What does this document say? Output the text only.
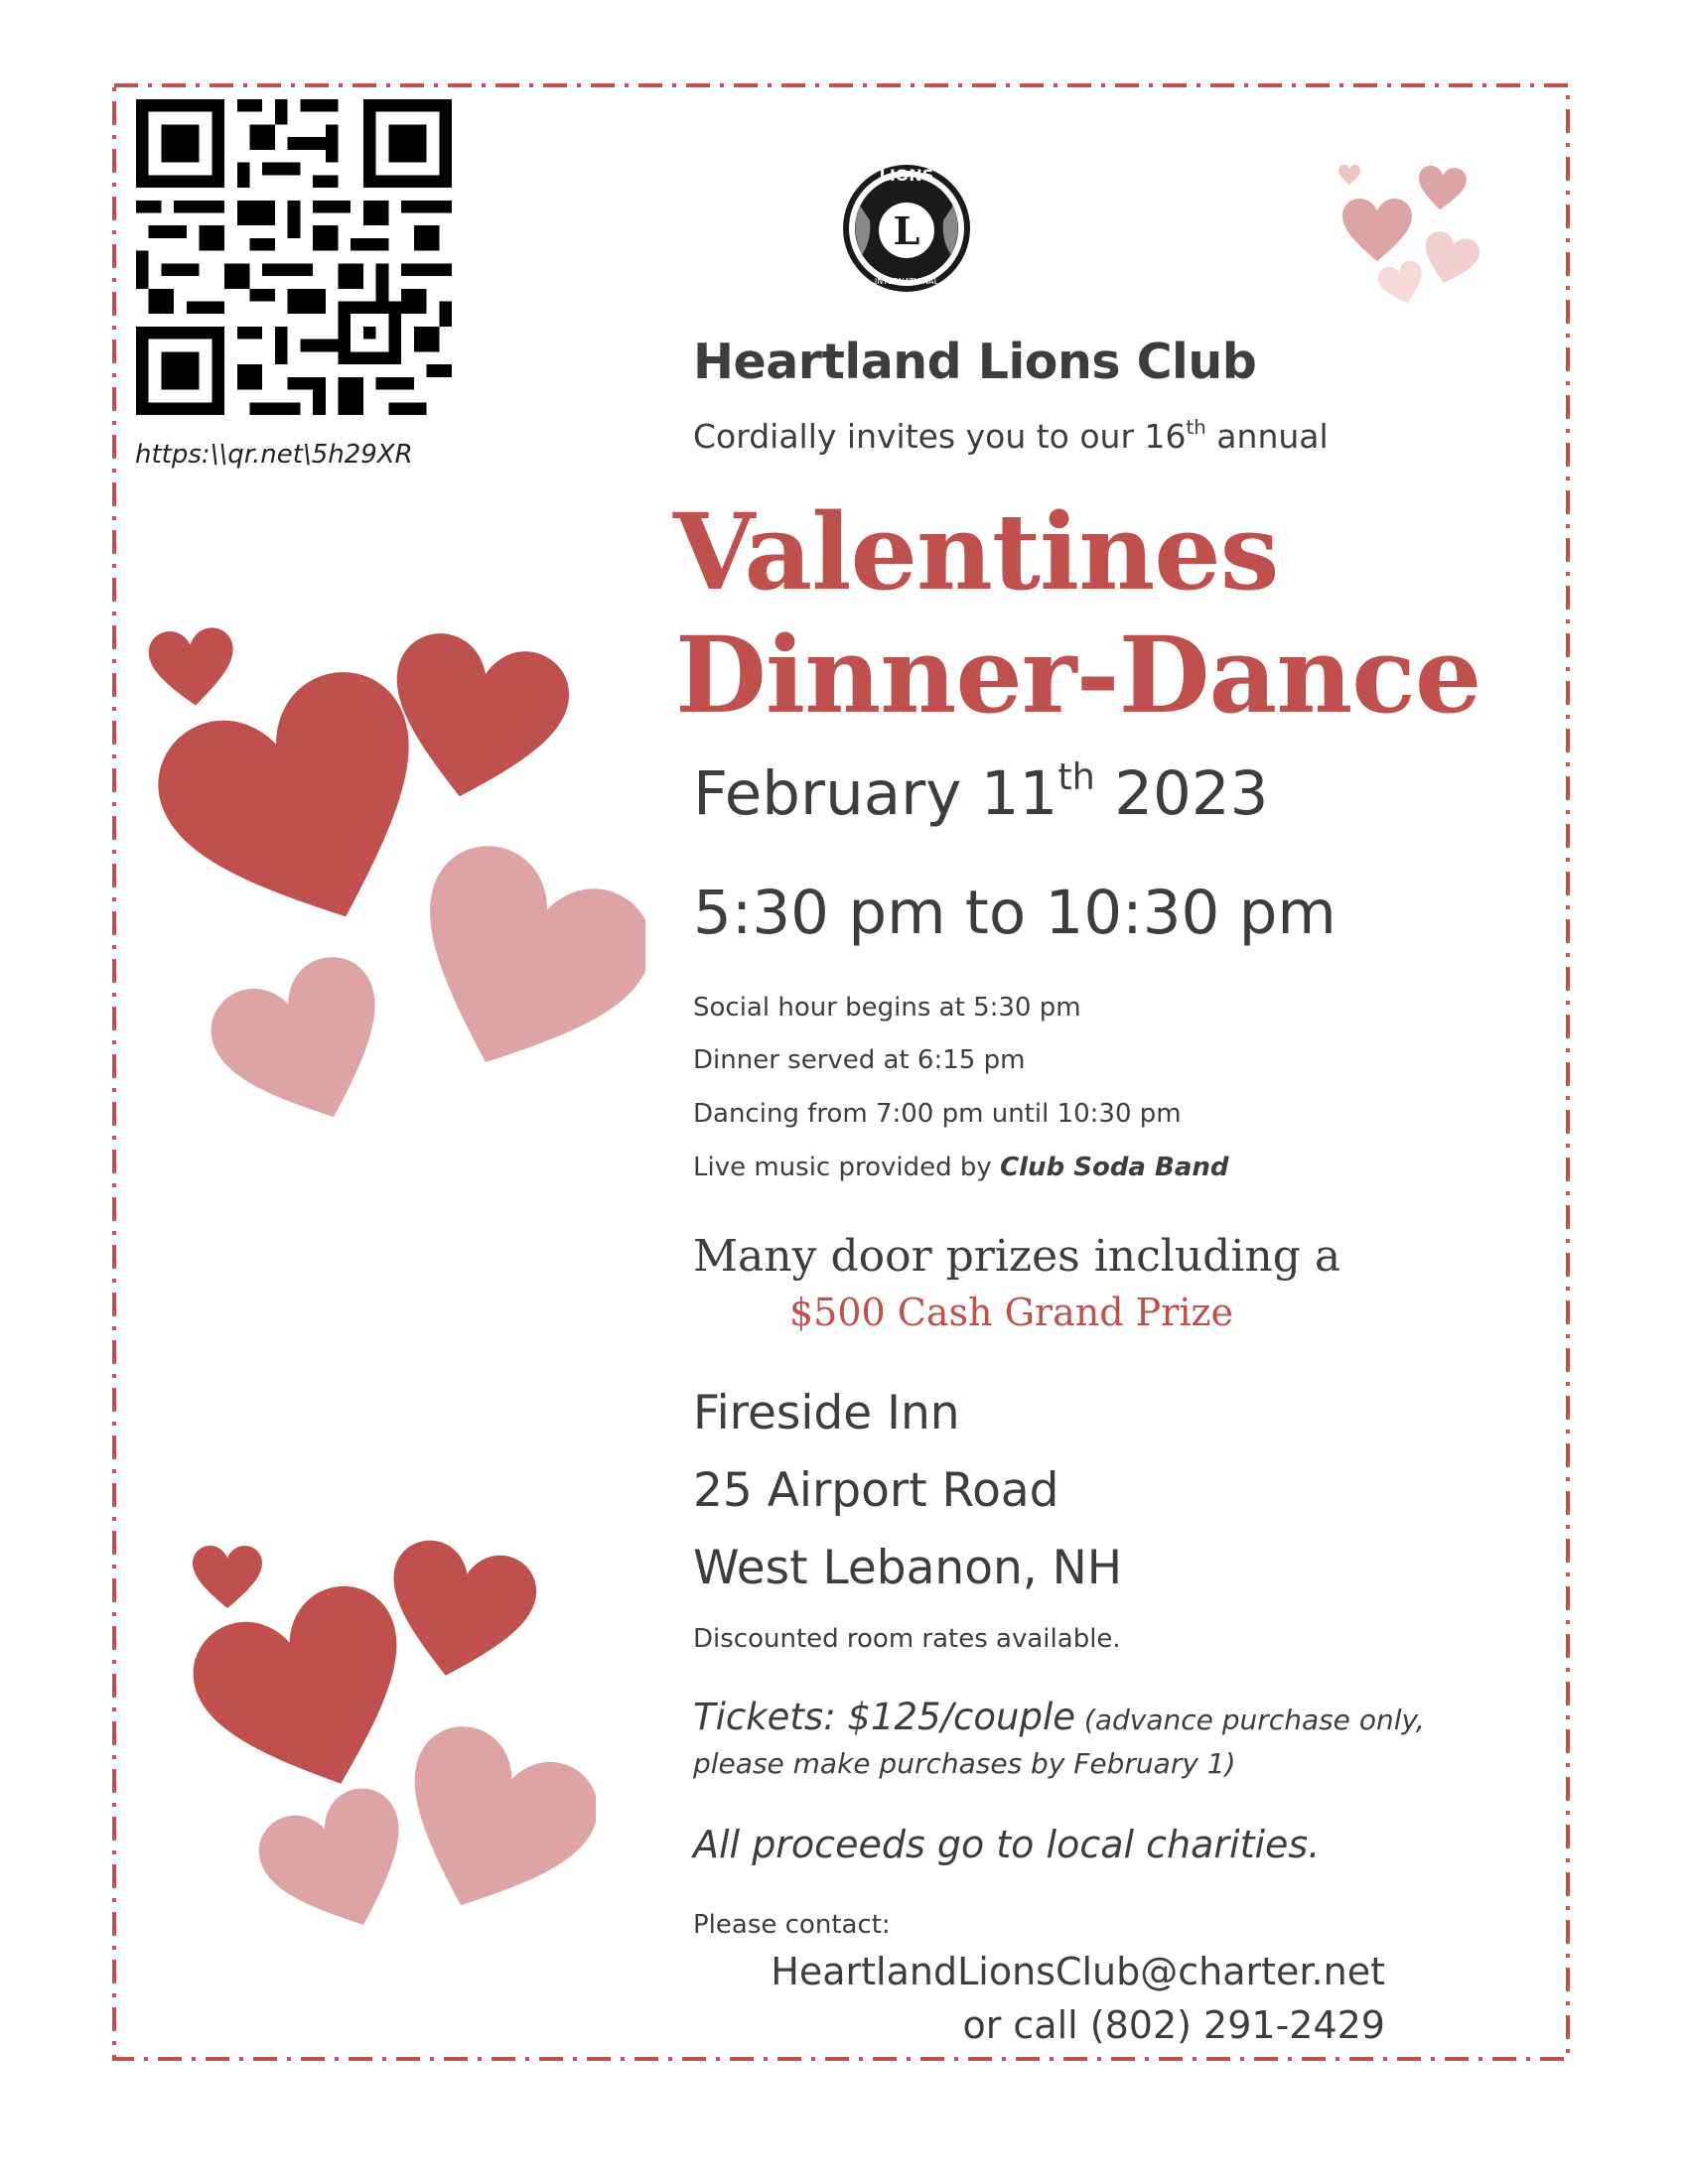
https:\\qr.net\5h29XR
L
LIONS
INTERNATIONAL
Heartland Lions Club
Cordially invites you to our 16th annual
Valentines
Dinner-Dance
February 11th 2023
5:30 pm to 10:30 pm
Social hour begins at 5:30 pm
Dinner served at 6:15 pm
Dancing from 7:00 pm until 10:30 pm
Live music provided by Club Soda Band
Many door prizes including a
$500 Cash Grand Prize
Fireside Inn
25 Airport Road
West Lebanon, NH
Discounted room rates available.
Tickets: $125/couple (advance purchase only,
please make purchases by February 1)
All proceeds go to local charities.
Please contact:
HeartlandLionsClub@charter.net
or call (802) 291-2429
